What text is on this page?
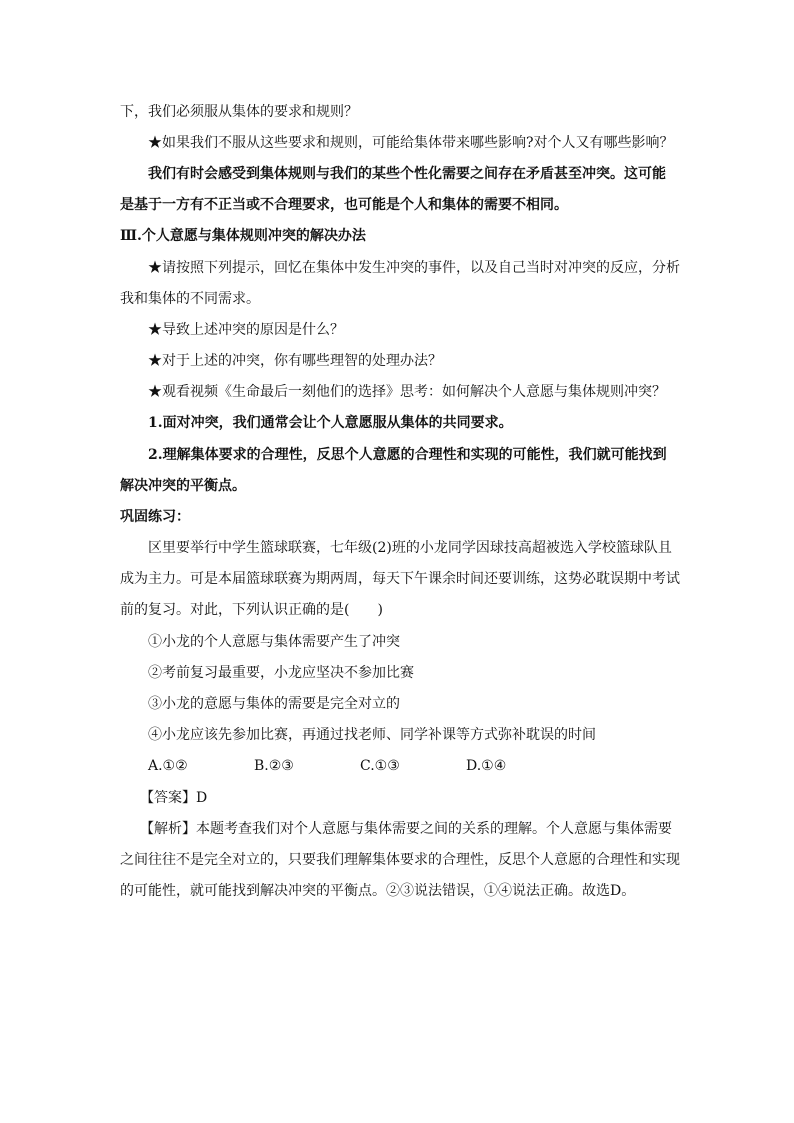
下，我们必须服从集体的要求和规则？
★如果我们不服从这些要求和规则，可能给集体带来哪些影响?对个人又有哪些影响？
我们有时会感受到集体规则与我们的某些个性化需要之间存在矛盾甚至冲突。这可能
是基于一方有不正当或不合理要求，也可能是个人和集体的需要不相同。
Ⅲ.个人意愿与集体规则冲突的解决办法
★请按照下列提示，回忆在集体中发生冲突的事件，以及自己当时对冲突的反应，分析
我和集体的不同需求。
★导致上述冲突的原因是什么？
★对于上述的冲突，你有哪些理智的处理办法？
★观看视频《生命最后一刻他们的选择》思考：如何解决个人意愿与集体规则冲突？
1.面对冲突，我们通常会让个人意愿服从集体的共同要求。
2.理解集体要求的合理性，反思个人意愿的合理性和实现的可能性，我们就可能找到
解决冲突的平衡点。
巩固练习：
区里要举行中学生篮球联赛，七年级(2)班的小龙同学因球技高超被选入学校篮球队且
成为主力。可是本届篮球联赛为期两周，每天下午课余时间还要训练，这势必耽误期中考试
前的复习。对此，下列认识正确的是(　　)
①小龙的个人意愿与集体需要产生了冲突
②考前复习最重要，小龙应坚决不参加比赛
③小龙的意愿与集体的需要是完全对立的
④小龙应该先参加比赛，再通过找老师、同学补课等方式弥补耽误的时间
A.①②	B.②③	C.①③	D.①④
【答案】D
【解析】本题考查我们对个人意愿与集体需要之间的关系的理解。个人意愿与集体需要
之间往往不是完全对立的，只要我们理解集体要求的合理性，反思个人意愿的合理性和实现
的可能性，就可能找到解决冲突的平衡点。②③说法错误，①④说法正确。故选D。
